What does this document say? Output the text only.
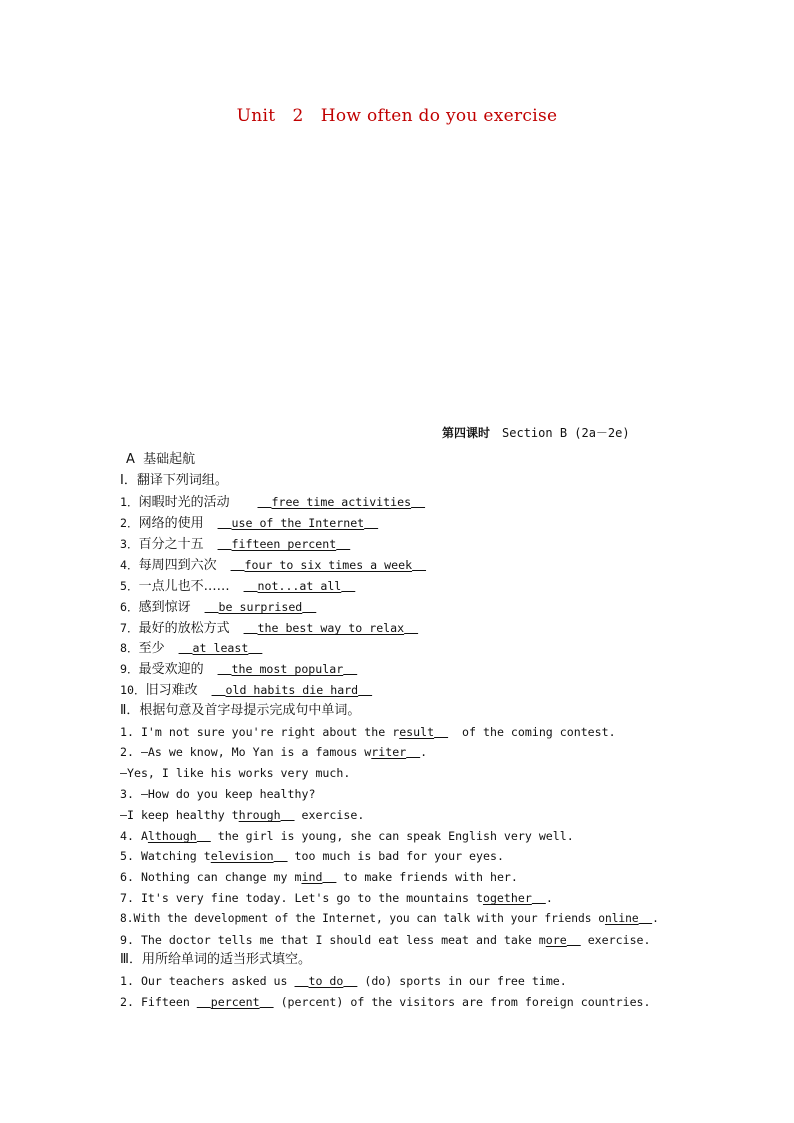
Unit 2 How often do you exercise
第四课时 Section B (2a－2e)
A  基础起航
Ⅰ．翻译下列词组。
1．闲暇时光的活动	free time activities
2．网络的使用 use of the Internet
3．百分之十五 fifteen percent
4．每周四到六次 four to six times a week
5．一点儿也不…… not...at all
6．感到惊讶 be surprised
7．最好的放松方式 the best way to relax
8．至少 at least
9．最受欢迎的 the most popular
10．旧习难改 old habits die hard
Ⅱ．根据句意及首字母提示完成句中单词。
1. I'm not sure you're right about the result    of the coming contest.
2. —As we know, Mo Yan is a famous writer .
—Yes, I like his works very much.
3. —How do you keep healthy?
—I keep healthy through   exercise.
4. Although   the girl is young, she can speak English very well.
5. Watching television   too much is bad for your eyes.
6. Nothing can change my mind   to make friends with her.
7. It's very fine today. Let's go to the mountains together .
8.With the development of the Internet, you can talk with your friends online .
9. The doctor tells me that I should eat less meat and take more   exercise.
Ⅲ．用所给单词的适当形式填空。
1. Our teachers asked us   to do   (do) sports in our free time.
2. Fifteen   percent   (percent) of the visitors are from foreign countries.
